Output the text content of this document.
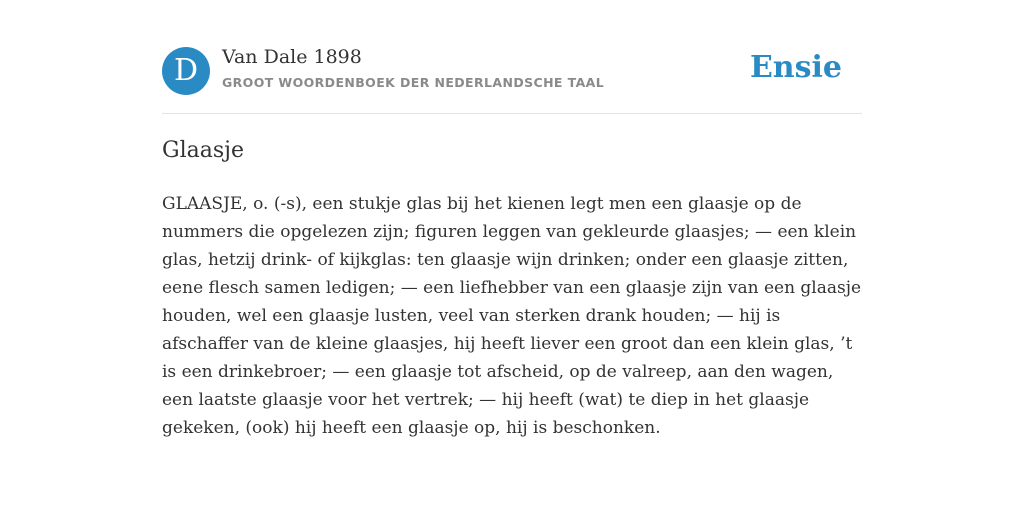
D	Van Dale 1898
GROOT WOORDENBOEK DER NEDERLANDSCHE TAAL	Ensie
Glaasje

GLAASJE, o. (-s), een stukje glas bij het kienen legt men een glaasje op de nummers die opgelezen zijn; figuren leggen van gekleurde glaasjes; — een klein glas, hetzij drink- of kijkglas: ten glaasje wijn drinken; onder een glaasje zitten, eene flesch samen ledigen; — een liefhebber van een glaasje zijn van een glaasje houden, wel een glaasje lusten, veel van sterken drank houden; — hij is afschaffer van de kleine glaasjes, hij heeft liever een groot dan een klein glas, ’t is een drinkebroer; — een glaasje tot afscheid, op de valreep, aan den wagen, een laatste glaasje voor het vertrek; — hij heeft (wat) te diep in het glaasje gekeken, (ook) hij heeft een glaasje op, hij is beschonken.
